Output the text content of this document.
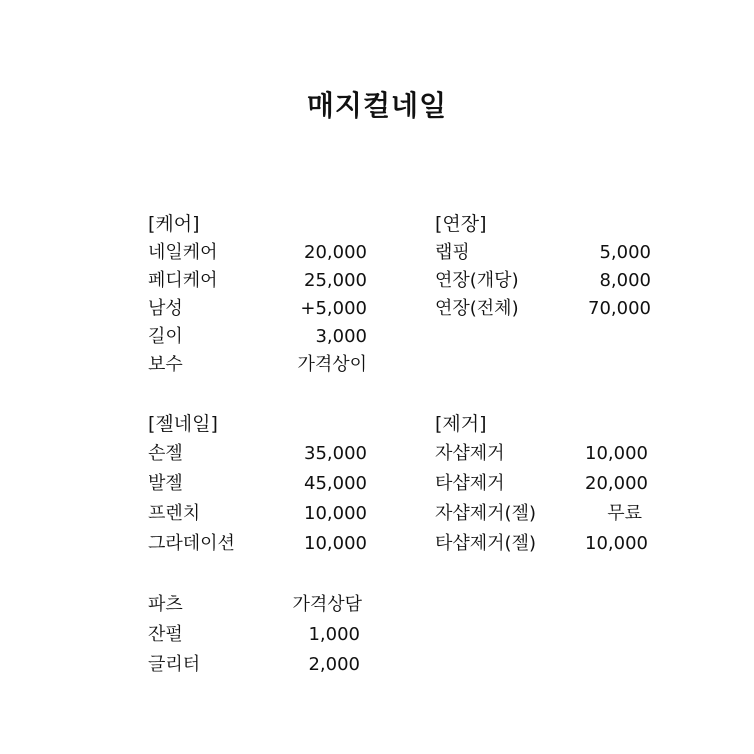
매지컬네일
[케어]
네일케어	20,000
페디케어	25,000
남성	+5,000
길이	3,000
보수	가격상이
[연장]
랩핑	5,000
연장(개당)	8,000
연장(전체)	70,000
[젤네일]
손젤	35,000
발젤	45,000
프렌치	10,000
그라데이션	10,000
[제거]
자샵제거	10,000
타샵제거	20,000
자샵제거(젤)	무료
타샵제거(젤)	10,000
파츠	가격상담
잔펄	1,000
글리터	2,000
